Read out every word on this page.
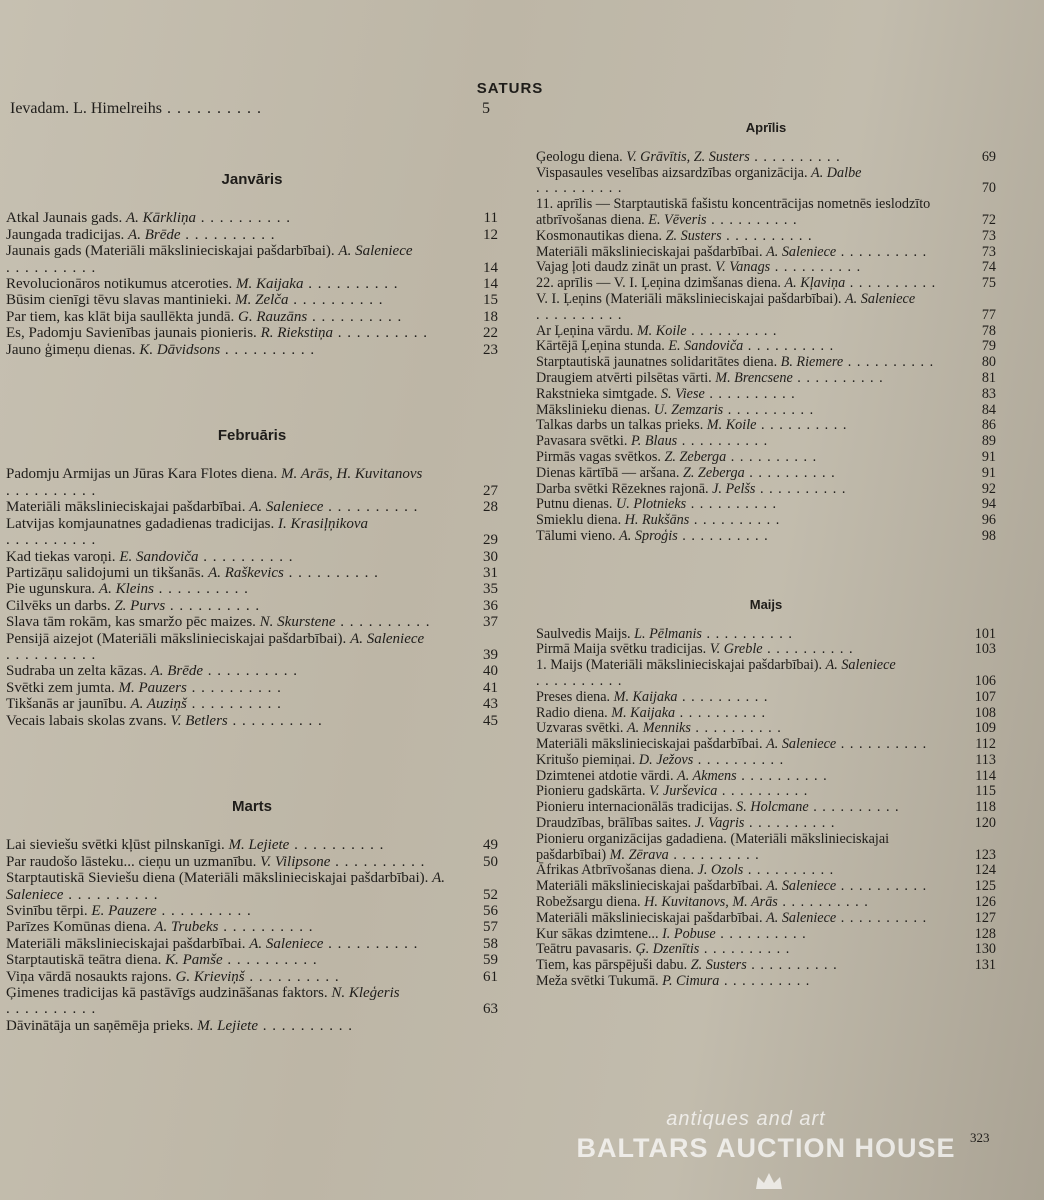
SATURS
Ievadam. L. Himelreihs . . .	5
Janvāris
Atkal Jaunais gads. A. Kārkliņa . . .	11
Jaungada tradicijas. A. Brēde . . .	12
Jaunais gads (Materiāli mākslinieciskajai pašdarbībai). A. Saleniece . . .
14
Revolucionāros notikumus atceroties. M. Kaijaka . . .	14
Būsim cienīgi tēvu slavas mantinieki. M. Zelča . . .	15
Par tiem, kas klāt bija saullēkta jundā. G. Rauzāns . . .	18
Es, Padomju Savienības jaunais pionieris. R. Riekstiņa . . .	22
Jauno ģimeņu dienas. K. Dāvidsons . . .	23
Februāris
Padomju Armijas un Jūras Kara Flotes diena. M. Arās, H. Kuvitanovs . . .
27
Materiāli mākslinieciskajai pašdarbībai. A. Saleniece . . .	28
Latvijas komjaunatnes gadadienas tradicijas. I. Krasiļņikova . . .
29
Kad tiekas varoņi. E. Sandoviča . . .	30
Partizāņu salidojumi un tikšanās. A. Raškevics . . .	31
Pie ugunskura. A. Kleins . . .	35
Cilvēks un darbs. Z. Purvs . . .	36
Slava tām rokām, kas smaržo pēc maizes. N. Skurstene . . .	37
Pensijā aizejot (Materiāli mākslinieciskajai pašdarbībai). A. Saleniece . . .
39
Sudraba un zelta kāzas. A. Brēde . . .	40
Svētki zem jumta. M. Pauzers . . .	41
Tikšanās ar jaunību. A. Auziņš . . .	43
Vecais labais skolas zvans. V. Betlers . . .	45
Marts
Lai sieviešu svētki kļūst pilnskanīgi. M. Lejiete . . .	49
Par raudošo lāsteku... cieņu un uzmanību. V. Vilipsone . . .	50
Starptautiskā Sieviešu diena (Materiāli mākslinieciskajai pašdarbībai). A. Saleniece . . .	52
Svinību tērpi. E. Pauzere . . .	56
Parīzes Komūnas diena. A. Trubeks . . .	57
Materiāli mākslinieciskajai pašdarbībai. A. Saleniece . . .	58
Starptautiskā teātra diena. K. Pamše . . .	59
Viņa vārdā nosaukts rajons. G. Krieviņš . . .	61
Ģimenes tradicijas kā pastāvīgs audzināšanas faktors. N. Kleģeris . . .
63
Dāvinātāja un saņēmēja prieks. M. Lejiete . . .
Aprīlis
Ģeologu diena. V. Grāvītis, Z. Susters . . .	69
Vispasaules veselības aizsardzības organizācija. A. Dalbe . . .
70
11. aprīlis — Starptautiskā fašistu koncentrācijas nometnēs ieslodzīto atbrīvošanas diena. E. Vēveris . . .	72
Kosmonautikas diena. Z. Susters . . .	73
Materiāli mākslinieciskajai pašdarbībai. A. Saleniece . . .	73
Vajag ļoti daudz zināt un prast. V. Vanags . . .	74
22. aprīlis — V. I. Ļeņina dzimšanas diena. A. Kļaviņa . . .	75
V. I. Ļeņins (Materiāli mākslinieciskajai pašdarbībai). A. Saleniece . . .
77
Ar Ļeņina vārdu. M. Koile . . .	78
Kārtējā Ļeņina stunda. E. Sandoviča . . .	79
Starptautiskā jaunatnes solidaritātes diena. B. Riemere . . .	80
Draugiem atvērti pilsētas vārti. M. Brencsene . . .	81
Rakstnieka simtgade. S. Viese . . .	83
Mākslinieku dienas. U. Zemzaris . . .	84
Talkas darbs un talkas prieks. M. Koile . . .	86
Pavasara svētki. P. Blaus . . .	89
Pirmās vagas svētkos. Z. Zeberga . . .	91
Dienas kārtībā — aršana. Z. Zeberga . . .	91
Darba svētki Rēzeknes rajonā. J. Pelšs . . .	92
Putnu dienas. U. Plotnieks . . .	94
Smieklu diena. H. Rukšāns . . .	96
Tālumi vieno. A. Sproģis . . .	98
Maijs
Saulvedis Maijs. L. Pēlmanis . . .	101
Pirmā Maija svētku tradicijas. V. Greble . . .	103
1. Maijs (Materiāli mākslinieciskajai pašdarbībai). A. Saleniece . . .
106
Preses diena. M. Kaijaka . . .	107
Radio diena. M. Kaijaka . . .	108
Uzvaras svētki. A. Menniks . . .	109
Materiāli mākslinieciskajai pašdarbībai. A. Saleniece . . .	112
Kritušo piemiņai. D. Ježovs . . .	113
Dzimtenei atdotie vārdi. A. Akmens . . .	114
Pionieru gadskārta. V. Jurševica . . .	115
Pionieru internacionālās tradicijas. S. Holcmane . . .	118
Draudzības, brālības saites. J. Vagris . . .	120
Pionieru organizācijas gadadiena. (Materiāli mākslinieciskajai pašdarbībai) M. Zērava . . .	123
Āfrikas Atbrīvošanas diena. J. Ozols . . .	124
Materiāli mākslinieciskajai pašdarbībai. A. Saleniece . . .	125
Robežsargu diena. H. Kuvitanovs, M. Arās . . .	126
Materiāli mākslinieciskajai pašdarbībai. A. Saleniece . . .	127
Kur sākas dzimtene... I. Pobuse . . .	128
Teātru pavasaris. Ģ. Dzenītis . . .	130
Tiem, kas pārspējuši dabu. Z. Susters . . .	131
Meža svētki Tukumā. P. Cimura . . .
323
antiques and art
BALTARS AUCTION HOUSE
